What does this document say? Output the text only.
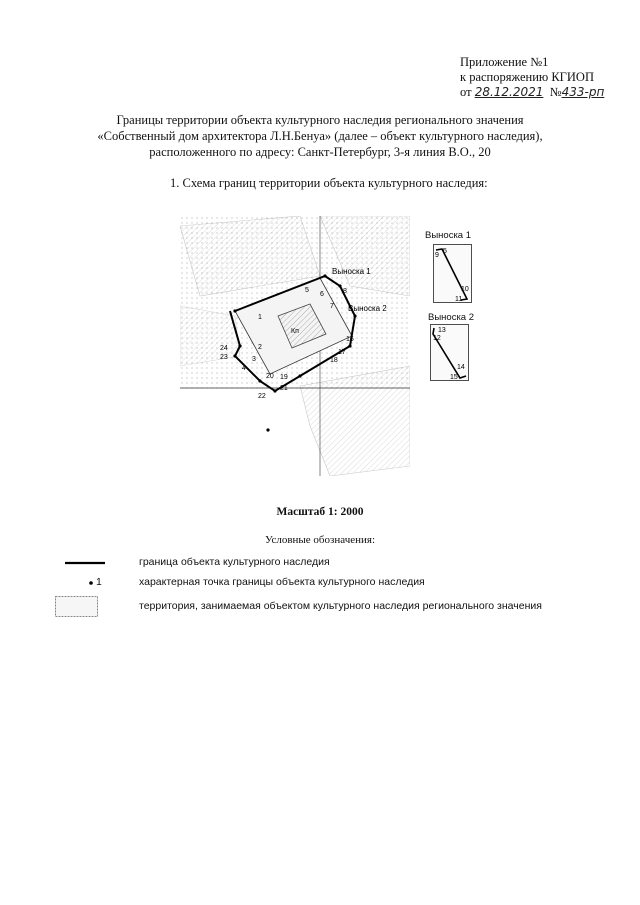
Приложение №1
к распоряжению КГИОП
от 28.12.2021 №433-рп
Границы территории объекта культурного наследия регионального значения
«Собственный дом архитектора Л.Н.Бенуа» (далее – объект культурного наследия),
расположенного по адресу: Санкт-Петербург, 3-я линия В.О., 20
1. Схема границ территории объекта культурного наследия:
1
2
3
4
5
6
7
8
16
17
18
19
20
21
22
23
24
Кп
Выноска 1
Выноска 2
Выноска 1
9
5
10
11
Выноска 2
13
12
14
15
Масштаб 1: 2000
Условные обозначения:
граница объекта культурного наследия
1	характерная точка границы объекта культурного наследия
территория, занимаемая объектом культурного наследия регионального значения
